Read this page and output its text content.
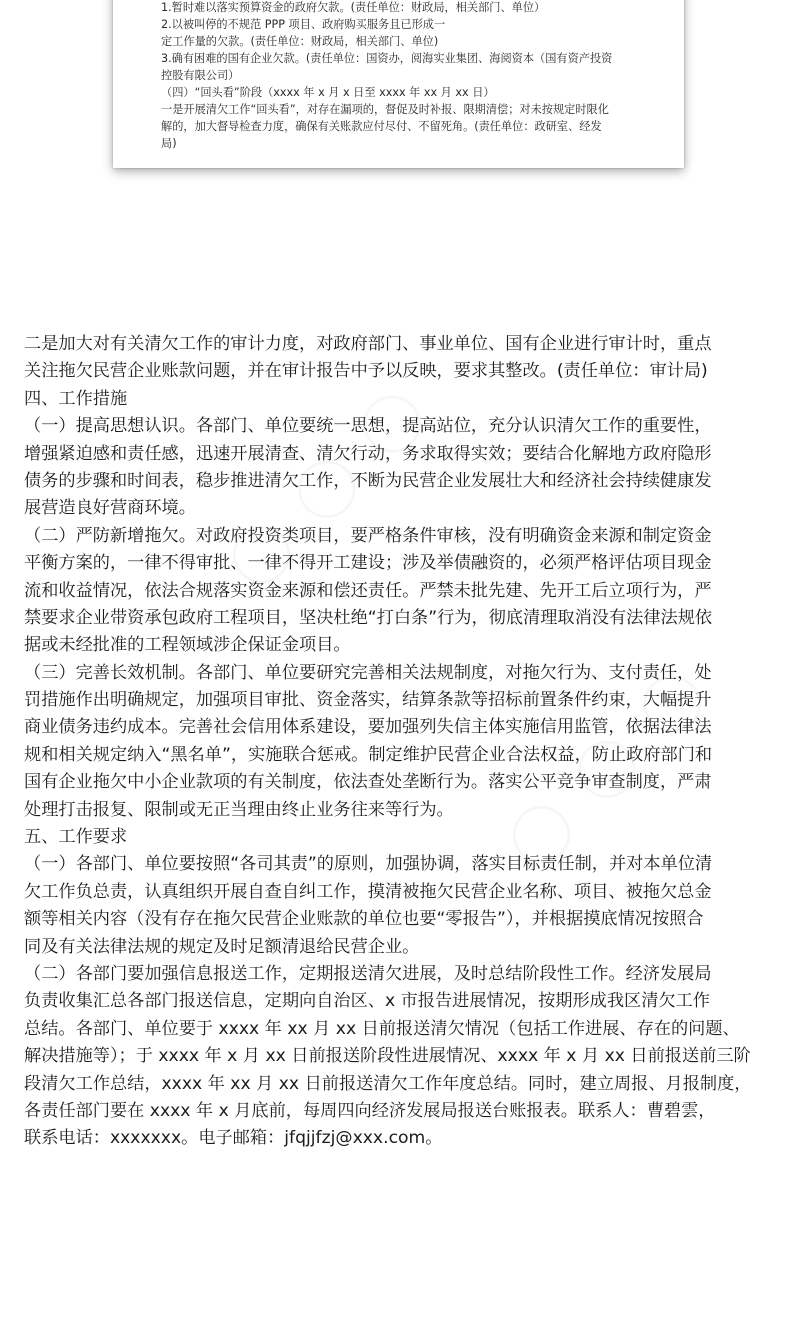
1.暂时难以落实预算资金的政府欠款。(责任单位：财政局，相关部门、单位）
2.以被叫停的不规范 PPP 项目、政府购买服务且已形成一
定工作量的欠款。(责任单位：财政局，相关部门、单位)
3.确有困难的国有企业欠款。(责任单位：国资办，阅海实业集团、海阅资本（国有资产投资
控股有限公司）
（四）“回头看”阶段（xxxx 年 x 月 x 日至 xxxx 年 xx 月 xx 日）
一是开展清欠工作“回头看”，对存在漏项的，督促及时补报、限期清偿；对未按规定时限化
解的，加大督导检查力度，确保有关账款应付尽付、不留死角。(责任单位：政研室、经发
局)
二是加大对有关清欠工作的审计力度，对政府部门、事业单位、国有企业进行审计时，重点
关注拖欠民营企业账款问题，并在审计报告中予以反映，要求其整改。(责任单位：审计局)
四、工作措施
（一）提高思想认识。各部门、单位要统一思想，提高站位，充分认识清欠工作的重要性，
增强紧迫感和责任感，迅速开展清查、清欠行动，务求取得实效；要结合化解地方政府隐形
债务的步骤和时间表，稳步推进清欠工作，不断为民营企业发展壮大和经济社会持续健康发
展营造良好营商环境。
（二）严防新增拖欠。对政府投资类项目，要严格条件审核，没有明确资金来源和制定资金
平衡方案的，一律不得审批、一律不得开工建设；涉及举债融资的，必须严格评估项目现金
流和收益情况，依法合规落实资金来源和偿还责任。严禁未批先建、先开工后立项行为，严
禁要求企业带资承包政府工程项目，坚决杜绝“打白条”行为，彻底清理取消没有法律法规依
据或未经批准的工程领域涉企保证金项目。
（三）完善长效机制。各部门、单位要研究完善相关法规制度，对拖欠行为、支付责任，处
罚措施作出明确规定，加强项目审批、资金落实，结算条款等招标前置条件约束，大幅提升
商业债务违约成本。完善社会信用体系建设，要加强列失信主体实施信用监管，依据法律法
规和相关规定纳入“黑名单”，实施联合惩戒。制定维护民营企业合法权益，防止政府部门和
国有企业拖欠中小企业款项的有关制度，依法查处垄断行为。落实公平竞争审查制度，严肃
处理打击报复、限制或无正当理由终止业务往来等行为。
五、工作要求
（一）各部门、单位要按照“各司其责”的原则，加强协调，落实目标责任制，并对本单位清
欠工作负总责，认真组织开展自查自纠工作，摸清被拖欠民营企业名称、项目、被拖欠总金
额等相关内容（没有存在拖欠民营企业账款的单位也要“零报告”），并根据摸底情况按照合
同及有关法律法规的规定及时足额清退给民营企业。
（二）各部门要加强信息报送工作，定期报送清欠进展，及时总结阶段性工作。经济发展局
负责收集汇总各部门报送信息，定期向自治区、x 市报告进展情况，按期形成我区清欠工作
总结。各部门、单位要于 xxxx 年 xx 月 xx 日前报送清欠情况（包括工作进展、存在的问题、
解决措施等）；于 xxxx 年 x 月 xx 日前报送阶段性进展情况、xxxx 年 x 月 xx 日前报送前三阶
段清欠工作总结，xxxx 年 xx 月 xx 日前报送清欠工作年度总结。同时，建立周报、月报制度，
各责任部门要在 xxxx 年 x 月底前，每周四向经济发展局报送台账报表。联系人：曹碧雲，
联系电话：xxxxxxx。电子邮箱：jfqjjfzj@xxx.com。
